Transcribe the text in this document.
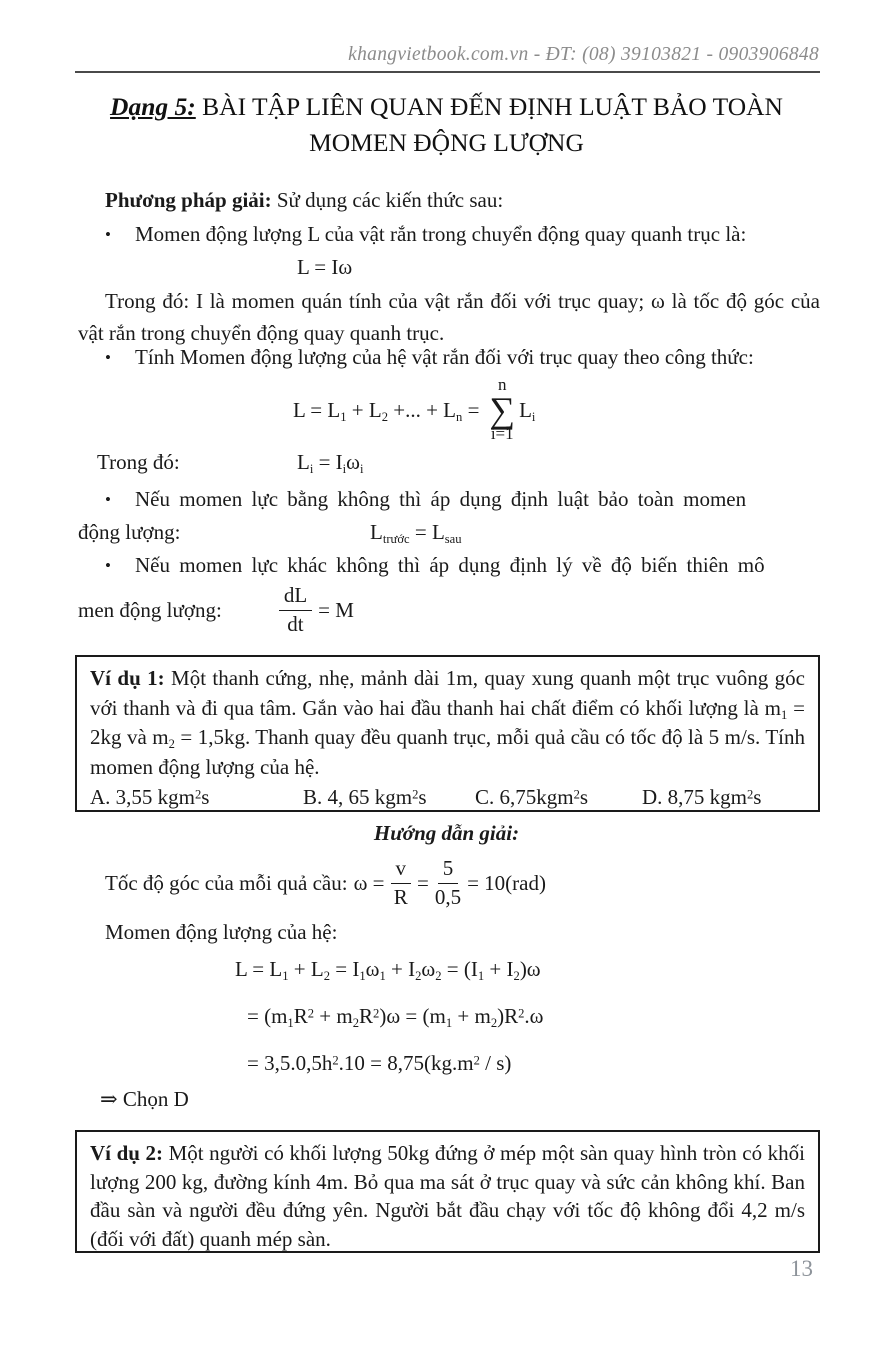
khangvietbook.com.vn - ĐT: (08) 39103821 - 0903906848
Dạng 5: BÀI TẬP LIÊN QUAN ĐẾN ĐỊNH LUẬT BẢO TOÀN
MOMEN ĐỘNG LƯỢNG
Phương pháp giải: Sử dụng các kiến thức sau:
•	Momen động lượng L của vật rắn trong chuyển động quay quanh trục là:
L = Iω
Trong đó: I là momen quán tính của vật rắn đối với trục quay; ω là tốc độ góc của vật rắn trong chuyển động quay quanh trục.
•	Tính Momen động lượng của hệ vật rắn đối với trục quay theo công thức:
$L = L_1 + L_2$ +... + $L_n$ =
n
∑
i=1
$L_i$
Trong đó:	$L_i = I_i\omega_i$
•	Nếu momen lực bằng không thì áp dụng định luật bảo toàn momen
động lượng:	$L_{trước} = L_{sau}$
•	Nếu momen lực khác không thì áp dụng định lý về độ biến thiên mô
men động lượng:	$\frac{dL}{dt} = M$
Ví dụ 1: Một thanh cứng, nhẹ, mảnh dài 1m, quay xung quanh một trục vuông góc với thanh và đi qua tâm. Gắn vào hai đầu thanh hai chất điểm có khối lượng là $m_1 = 2kg$ và $m_2 = 1,5kg$. Thanh quay đều quanh trục, mỗi quả cầu có tốc độ là 5 m/s. Tính momen động lượng của hệ.
A. 3,55 kgm$^2$s	B. 4, 65 kgm$^2$s	C. 6,75kgm$^2$s	D. 8,75 kgm$^2$s
Hướng dẫn giải:
Tốc độ góc của mỗi quả cầu: $\omega = \frac{v}{R} = \frac{5}{0,5} = 10(rad)$
Momen động lượng của hệ:
$L = L_1 + L_2 = I_1\omega_1 + I_2\omega_2 = (I_1 + I_2)\omega$
= $(m_1R^2 + m_2R^2)\omega = (m_1 + m_2)R^2.\omega$
= $3,5.0,5h^2.10 = 8,75(kg.m^2 / s)$
⇒ Chọn D
Ví dụ 2: Một người có khối lượng 50kg đứng ở mép một sàn quay hình tròn có khối lượng 200 kg, đường kính 4m. Bỏ qua ma sát ở trục quay và sức cản không khí. Ban đầu sàn và người đều đứng yên. Người bắt đầu chạy với tốc độ không đổi 4,2 m/s (đối với đất) quanh mép sàn.
13
